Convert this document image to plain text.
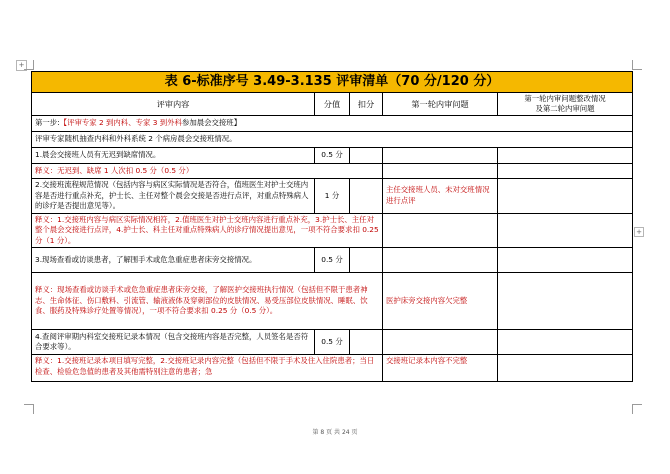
+
+
表 6-标准序号 3.49-3.135 评审清单（70 分/120 分）				
评审内容	分值	扣分	第一轮内审问题	第一轮内审问题整改情况
及第二轮内审问题
第一步:【评审专家 2 到内科、专家 3 到外科参加晨会交接班】				
评审专家随机抽查内科和外科系统 2 个病房晨会交接班情况。				
1.晨会交接班人员有无迟到缺席情况。	0.5 分			
释义：无迟到、缺席 1 人次扣 0.5 分（0.5 分）				
2.交接班流程规范情况（包括内容与病区实际情况是否符合，值班医生对护士交班内容是否进行重点补充，护士长、主任对整个晨会交接是否进行点评，对重点特殊病人的诊疗是否提出意见等）。	1 分		主任交接班人员、未对交班情况进行点评	
释义：1.交接班内容与病区实际情况相符，2.值班医生对护士交班内容进行重点补充，3.护士长、主任对整个晨会交接进行点评，4.护士长、科主任对重点特殊病人的诊疗情况提出意见，一项不符合要求扣 0.25 分（1 分）。				
3.现场查看或访谈患者，了解围手术或危急重症患者床旁交接情况。	0.5 分			
释义：现场查看或访谈手术或危急重症患者床旁交接，了解医护交接班执行情况（包括但不限于患者神志、生命体征、伤口敷料、引流管、输液液体及穿刺部位的皮肤情况、易受压部位皮肤情况、睡眠、饮食、服药及特殊诊疗处置等情况），一项不符合要求扣 0.25 分（0.5 分）。			医护床旁交接内容欠完整	
4.查阅评审期内科室交接班记录本情况（包含交接班内容是否完整，人员签名是否符合要求等）。	0.5 分			
释义：1.交接班记录本项目填写完整，2.交接班记录内容完整（包括但不限于手术及住入住院患者；当日检查、检验危急值的患者及其他需特别注意的患者；急			交接班记录本内容不完整	
第 8 页 共 24 页
